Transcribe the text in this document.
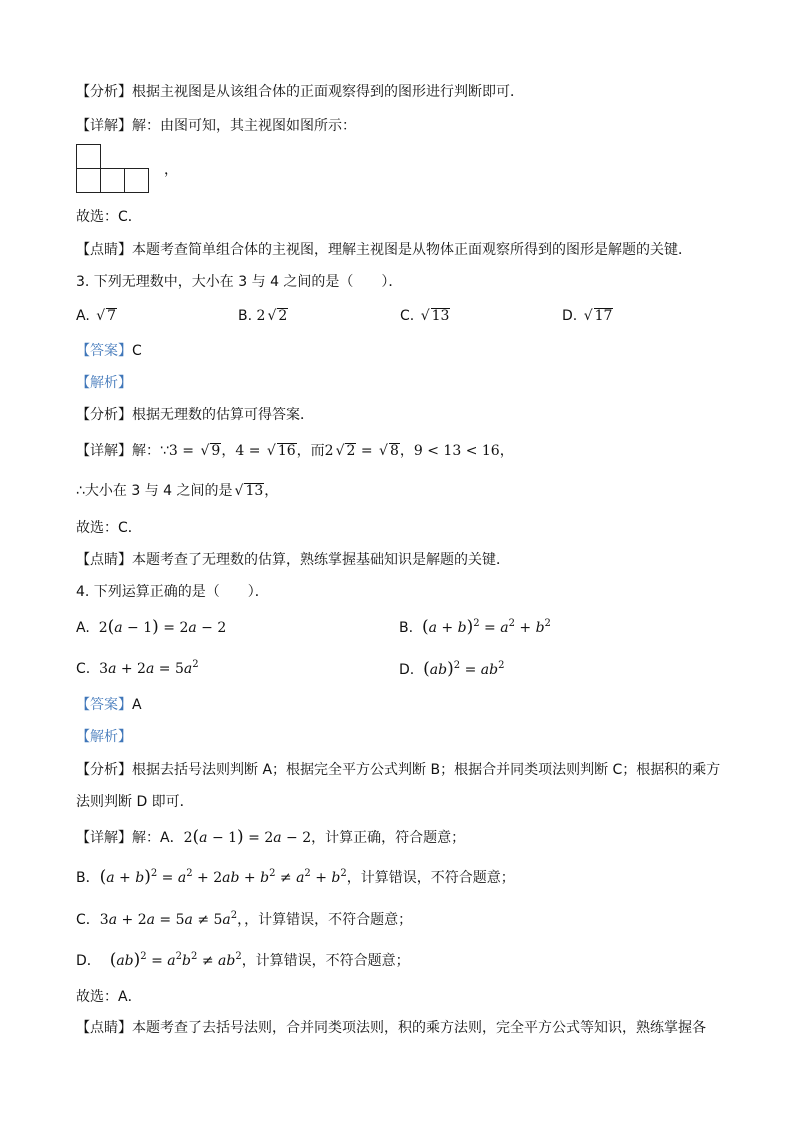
【分析】根据主视图是从该组合体的正面观察得到的图形进行判断即可．
【详解】解：由图可知，其主视图如图所示：
，
故选：C．
【点睛】本题考查简单组合体的主视图，理解主视图是从物体正面观察所得到的图形是解题的关键．
3. 下列无理数中，大小在 3 与 4 之间的是（　　）．
A. √ 7	B. 2 √ 2	C. √ 13	D. √ 17
【答案】C
【解析】
【分析】根据无理数的估算可得答案．
【详解】解：∵3 = √ 9，4 = √ 16，而2 √ 2 = √ 8，9 < 13 < 16，
∴大小在 3 与 4 之间的是 √ 13，
故选：C．
【点睛】本题考查了无理数的估算，熟练掌握基础知识是解题的关键．
4. 下列运算正确的是（　　）．
A. 2(a − 1) = 2a − 2	B. $(a + b)^2 = a^2 + b^2$
C. $3a + 2a = 5a^2$	D. $(ab)^2 = ab^2$
【答案】A
【解析】
【分析】根据去括号法则判断 A；根据完全平方公式判断 B；根据合并同类项法则判断 C；根据积的乘方
法则判断 D 即可．
【详解】解：A．2(a − 1) = 2a − 2，计算正确，符合题意；
B．$(a + b)^2 = a^2 + 2ab + b^2 \ne a^2 + b^2$，计算错误，不符合题意；
C．$3a + 2a = 5a \ne 5a^2$，，计算错误，不符合题意；
D． $(ab)^2 = a^2b^2 \ne ab^2$，计算错误，不符合题意；
故选：A．
【点睛】本题考查了去括号法则，合并同类项法则，积的乘方法则，完全平方公式等知识，熟练掌握各
